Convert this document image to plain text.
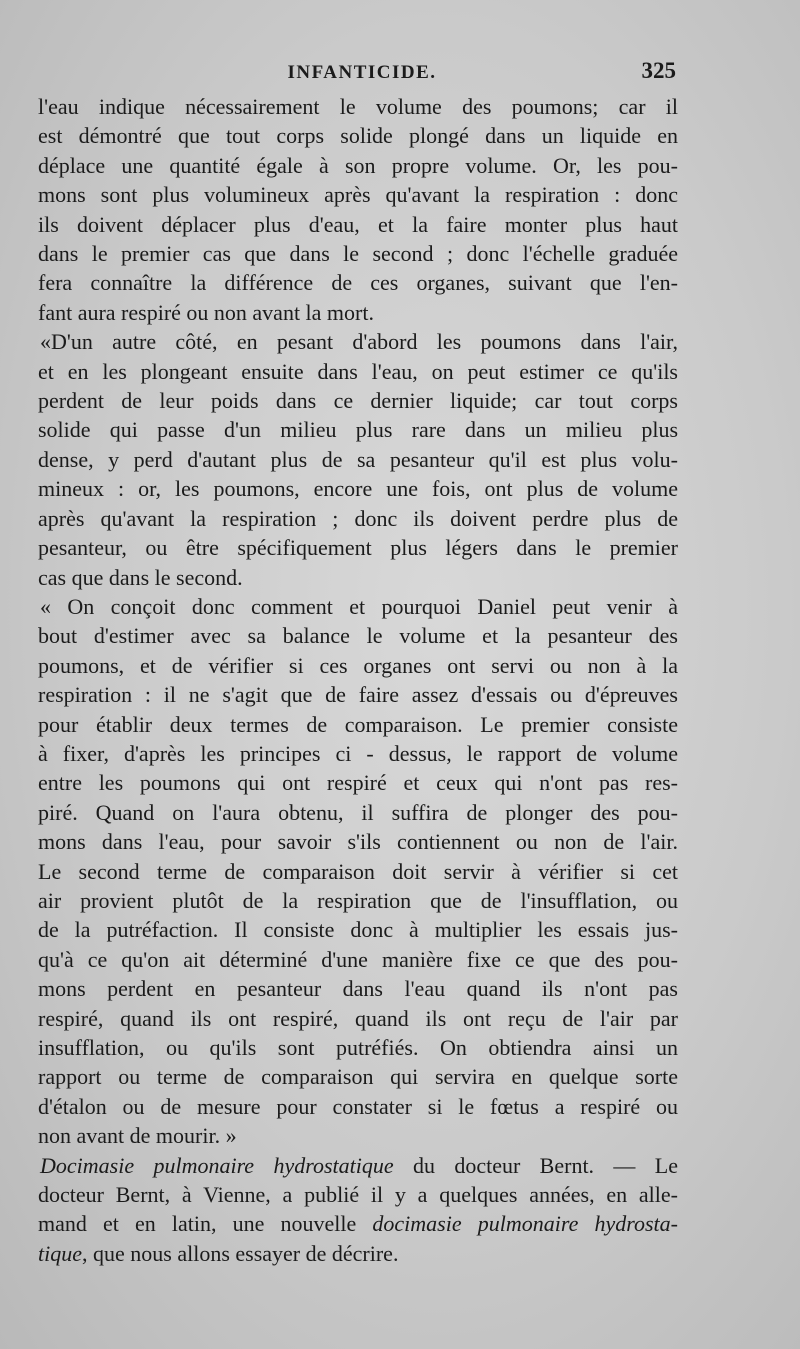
INFANTICIDE.	325
l'eau indique nécessairement le volume des poumons; car il
est démontré que tout corps solide plongé dans un liquide en
déplace une quantité égale à son propre volume. Or, les pou-
mons sont plus volumineux après qu'avant la respiration : donc
ils doivent déplacer plus d'eau, et la faire monter plus haut
dans le premier cas que dans le second ; donc l'échelle graduée
fera connaître la différence de ces organes, suivant que l'en-
fant aura respiré ou non avant la mort.
«D'un autre côté, en pesant d'abord les poumons dans l'air,
et en les plongeant ensuite dans l'eau, on peut estimer ce qu'ils
perdent de leur poids dans ce dernier liquide; car tout corps
solide qui passe d'un milieu plus rare dans un milieu plus
dense, y perd d'autant plus de sa pesanteur qu'il est plus volu-
mineux : or, les poumons, encore une fois, ont plus de volume
après qu'avant la respiration ; donc ils doivent perdre plus de
pesanteur, ou être spécifiquement plus légers dans le premier
cas que dans le second.
« On conçoit donc comment et pourquoi Daniel peut venir à
bout d'estimer avec sa balance le volume et la pesanteur des
poumons, et de vérifier si ces organes ont servi ou non à la
respiration : il ne s'agit que de faire assez d'essais ou d'épreuves
pour établir deux termes de comparaison. Le premier consiste
à fixer, d'après les principes ci - dessus, le rapport de volume
entre les poumons qui ont respiré et ceux qui n'ont pas res-
piré. Quand on l'aura obtenu, il suffira de plonger des pou-
mons dans l'eau, pour savoir s'ils contiennent ou non de l'air.
Le second terme de comparaison doit servir à vérifier si cet
air provient plutôt de la respiration que de l'insufflation, ou
de la putréfaction. Il consiste donc à multiplier les essais jus-
qu'à ce qu'on ait déterminé d'une manière fixe ce que des pou-
mons perdent en pesanteur dans l'eau quand ils n'ont pas
respiré, quand ils ont respiré, quand ils ont reçu de l'air par
insufflation, ou qu'ils sont putréfiés. On obtiendra ainsi un
rapport ou terme de comparaison qui servira en quelque sorte
d'étalon ou de mesure pour constater si le fœtus a respiré ou
non avant de mourir. »
Docimasie pulmonaire hydrostatique du docteur Bernt. — Le
docteur Bernt, à Vienne, a publié il y a quelques années, en alle-
mand et en latin, une nouvelle docimasie pulmonaire hydrosta-
tique, que nous allons essayer de décrire.
